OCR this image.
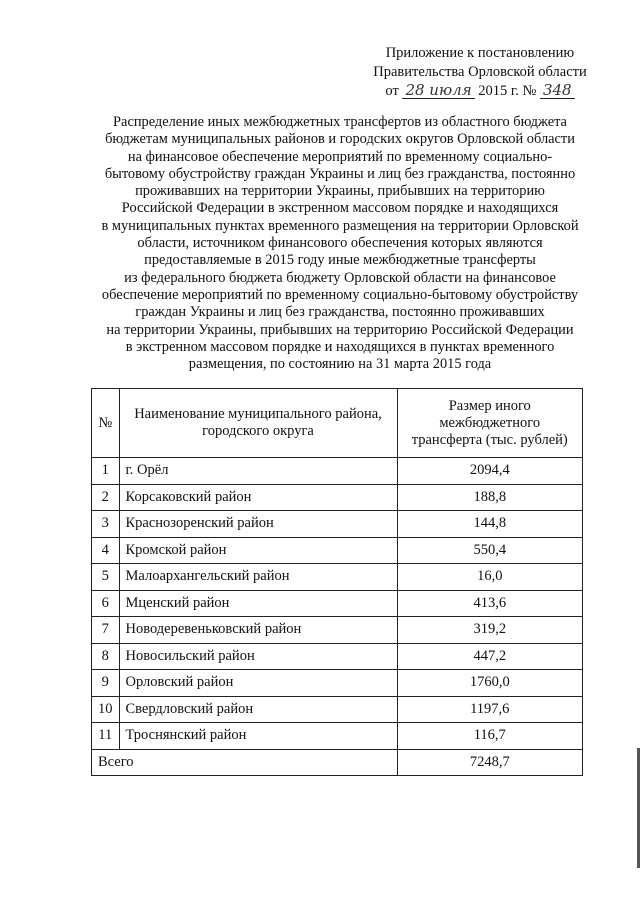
Приложение к постановлению
Правительства Орловской области
от 28 июля 2015 г. № 348
Распределение иных межбюджетных трансфертов из областного бюджета
бюджетам муниципальных районов и городских округов Орловской области
на финансовое обеспечение мероприятий по временному социально-
бытовому обустройству граждан Украины и лиц без гражданства, постоянно
проживавших на территории Украины, прибывших на территорию
Российской Федерации в экстренном массовом порядке и находящихся
в муниципальных пунктах временного размещения на территории Орловской
области, источником финансового обеспечения которых являются
предоставляемые в 2015 году иные межбюджетные трансферты
из федерального бюджета бюджету Орловской области на финансовое
обеспечение мероприятий по временному социально-бытовому обустройству
граждан Украины и лиц без гражданства, постоянно проживавших
на территории Украины, прибывших на территорию Российской Федерации
в экстренном массовом порядке и находящихся в пунктах временного
размещения, по состоянию на 31 марта 2015 года
№	Наименование муниципального района, городского округа	Размер иного межбюджетного трансферта (тыс. рублей)
1	г. Орёл	2094,4
2	Корсаковский район	188,8
3	Краснозоренский район	144,8
4	Кромской район	550,4
5	Малоархангельский район	16,0
6	Мценский район	413,6
7	Новодеревеньковский район	319,2
8	Новосильский район	447,2
9	Орловский район	1760,0
10	Свердловский район	1197,6
11	Троснянский район	116,7
Всего		7248,7
